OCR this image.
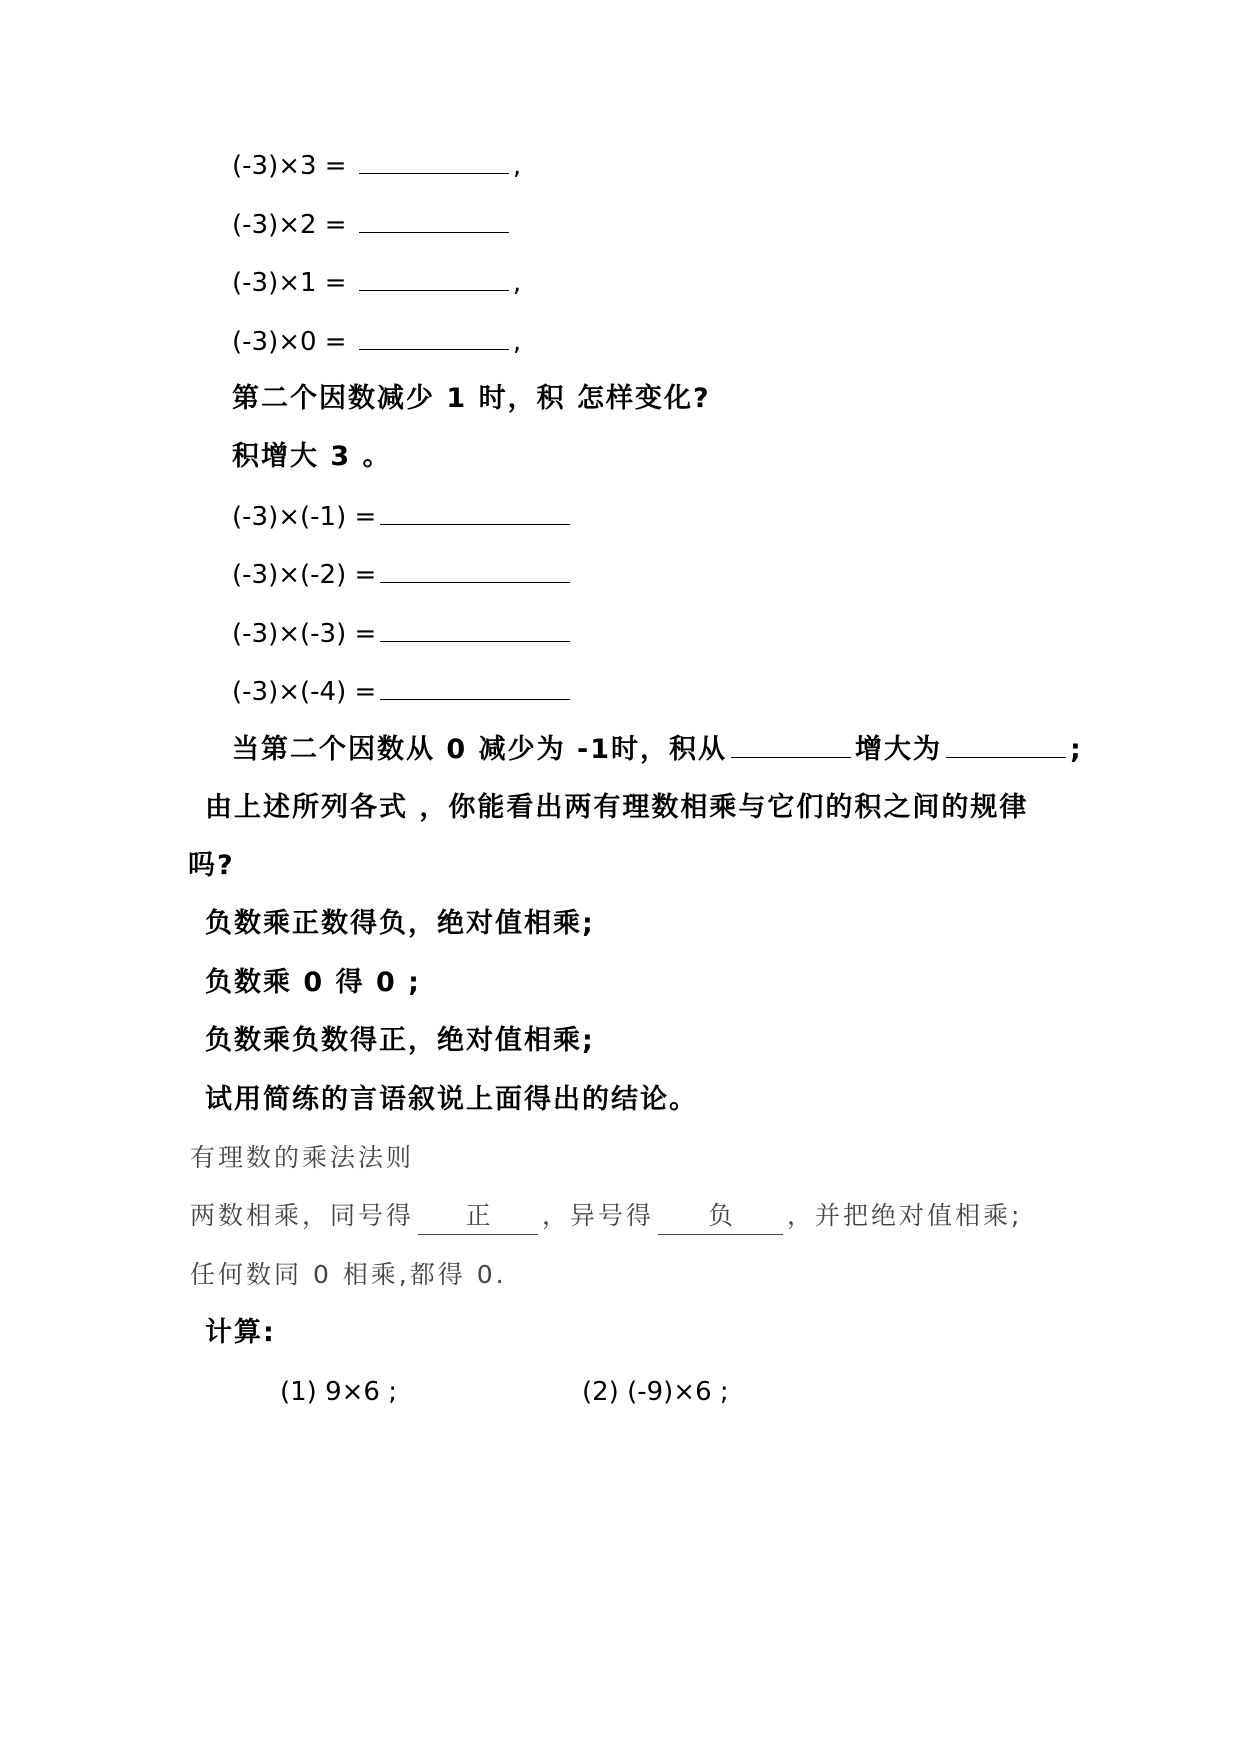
(-3)×3 =	,
(-3)×2 =
(-3)×1 =	,
(-3)×0 =	,
第二个因数减少 1 时，积 怎样变化?
积增大 3 。
(-3)×(-1) =
(-3)×(-2) =
(-3)×(-3) =
(-3)×(-4) =
当第二个因数从 0 减少为 -1时，积从	增大为	;
由上述所列各式 ，你能看出两有理数相乘与它们的积之间的规律
吗?
负数乘正数得负，绝对值相乘;
负数乘 0 得 0 ;
负数乘负数得正，绝对值相乘;
试用简练的言语叙说上面得出的结论。
有理数的乘法法则
两数相乘，同号得 正 ，异号得 负 ，并把绝对值相乘;
任何数同 0 相乘,都得 0.
计算:
(1) 9×6 ;	(2) (-9)×6 ;
